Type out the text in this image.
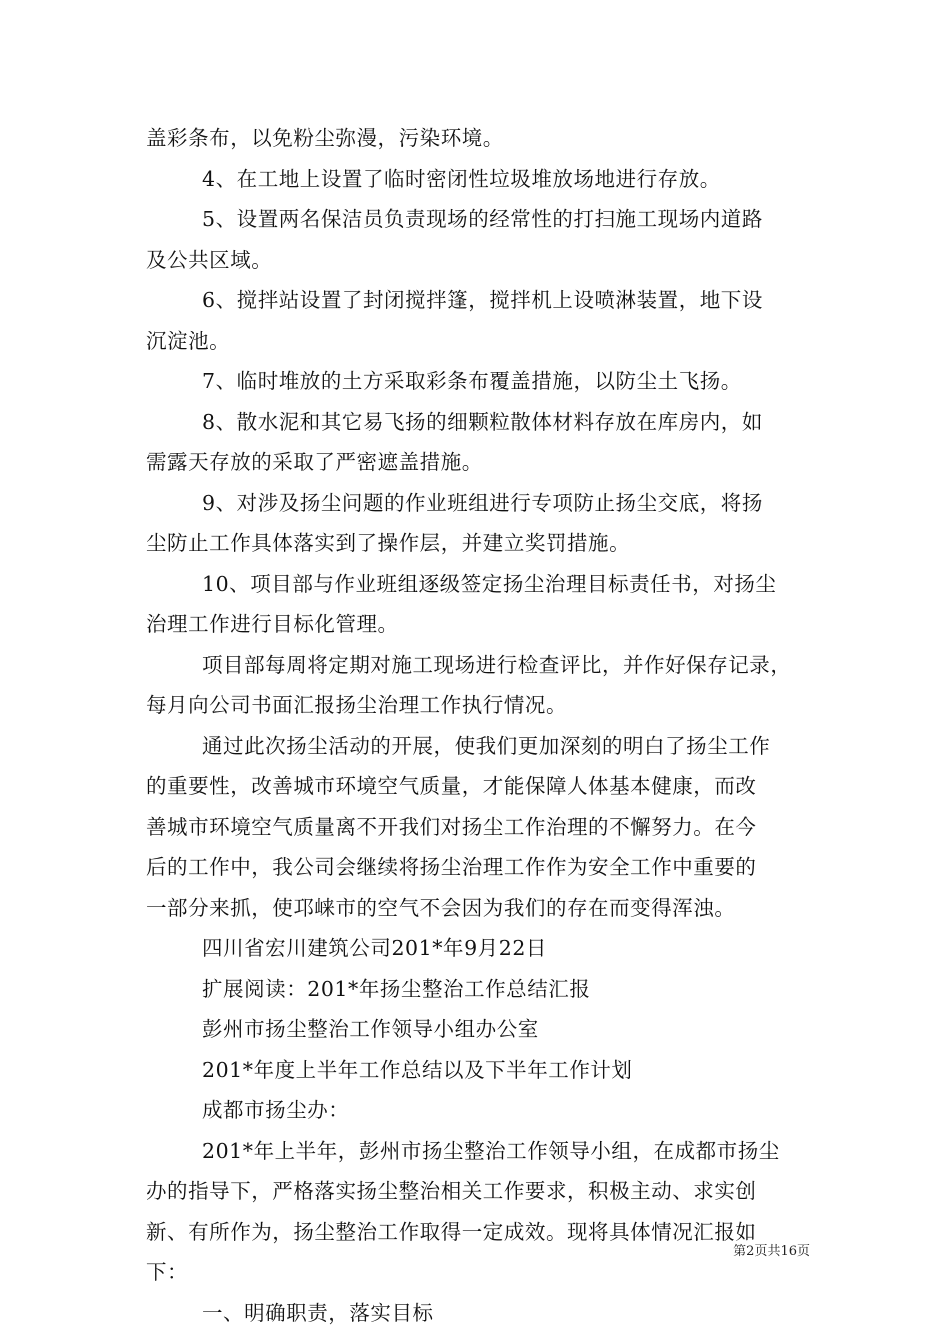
盖彩条布，以免粉尘弥漫，污染环境。
4、在工地上设置了临时密闭性垃圾堆放场地进行存放。
5、设置两名保洁员负责现场的经常性的打扫施工现场内道路
及公共区域。
6、搅拌站设置了封闭搅拌篷，搅拌机上设喷淋装置，地下设
沉淀池。
7、临时堆放的土方采取彩条布覆盖措施，以防尘土飞扬。
8、散水泥和其它易飞扬的细颗粒散体材料存放在库房内，如
需露天存放的采取了严密遮盖措施。
9、对涉及扬尘问题的作业班组进行专项防止扬尘交底，将扬
尘防止工作具体落实到了操作层，并建立奖罚措施。
10、项目部与作业班组逐级签定扬尘治理目标责任书，对扬尘
治理工作进行目标化管理。
项目部每周将定期对施工现场进行检查评比，并作好保存记录，
每月向公司书面汇报扬尘治理工作执行情况。
通过此次扬尘活动的开展，使我们更加深刻的明白了扬尘工作
的重要性，改善城市环境空气质量，才能保障人体基本健康，而改
善城市环境空气质量离不开我们对扬尘工作治理的不懈努力。在今
后的工作中，我公司会继续将扬尘治理工作作为安全工作中重要的
一部分来抓，使邛崃市的空气不会因为我们的存在而变得浑浊。
四川省宏川建筑公司201*年9月22日
扩展阅读：201*年扬尘整治工作总结汇报
彭州市扬尘整治工作领导小组办公室
201*年度上半年工作总结以及下半年工作计划
成都市扬尘办：
201*年上半年，彭州市扬尘整治工作领导小组，在成都市扬尘
办的指导下，严格落实扬尘整治相关工作要求，积极主动、求实创
新、有所作为，扬尘整治工作取得一定成效。现将具体情况汇报如
下：
一、明确职责，落实目标
第2页共16页
